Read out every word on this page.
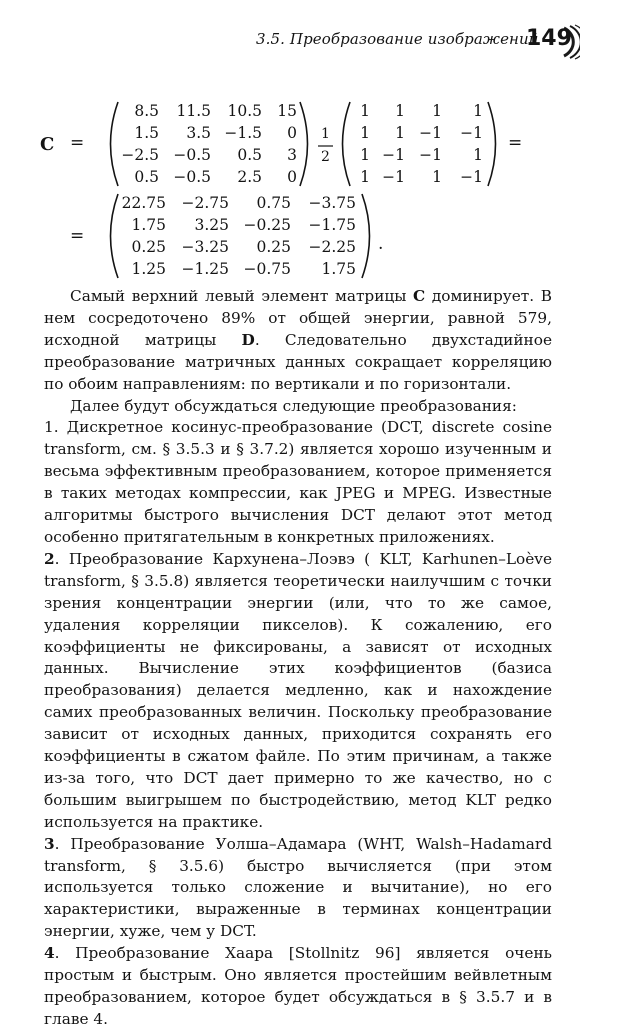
3.5. Преобразование изображений
149
C =	=
=	.
1
2
8.5 11.5 10.5 15
1.5 3.5 −1.5 0
−2.5 −0.5 0.5 3
0.5 −0.5 2.5 0
1 1 1 1
1 1 −1 −1
1 −1 −1 1
1 −1 1 −1
22.75 −2.75 0.75 −3.75
1.75 3.25 −0.25 −1.75
0.25 −3.25 0.25 −2.25
1.25 −1.25 −0.75 1.75

Самый верхний левый элемент матрицы C доминирует. В нем сосредоточено 89% от общей энергии, равной 579, исходной матрицы D. Следовательно двухстадийное преобразование матричных данных сокращает корреляцию по обоим направлениям: по вертикали и по горизонтали.

Далее будут обсуждаться следующие преобразования:

1. Дискретное косинус-преобразование (DCT, discrete cosine transform, см. § 3.5.3 и § 3.7.2) является хорошо изученным и весьма эффективным преобразованием, которое применяется в таких методах компрессии, как JPEG и MPEG. Известные алгоритмы быстрого вычисления DCT делают этот метод особенно притягательным в конкретных приложениях.

2. Преобразование Кархунена–Лоэвэ ( KLT, Karhunen–Loève transform, § 3.5.8) является теоретически наилучшим с точки зрения концентрации энергии (или, что то же самое, удаления корреляции пикселов). К сожалению, его коэффициенты не фиксированы, а зависят от исходных данных. Вычисление этих коэффициентов (базиса преобразования) делается медленно, как и нахождение самих преобразованных величин. Поскольку преобразование зависит от исходных данных, приходится сохранять его коэффициенты в сжатом файле. По этим причинам, а также из-за того, что DCT дает примерно то же качество, но с большим выигрышем по быстродействию, метод KLT редко используется на практике.

3. Преобразование Уолша–Адамара (WHT, Walsh–Hadamard transform, § 3.5.6) быстро вычисляется (при этом используется только сложение и вычитание), но его характеристики, выраженные в терминах концентрации энергии, хуже, чем у DCT.

4. Преобразование Хаара [Stollnitz 96] является очень простым и быстрым. Оно является простейшим вейвлетным преобразованием, которое будет обсуждаться в § 3.5.7 и в главе 4.
